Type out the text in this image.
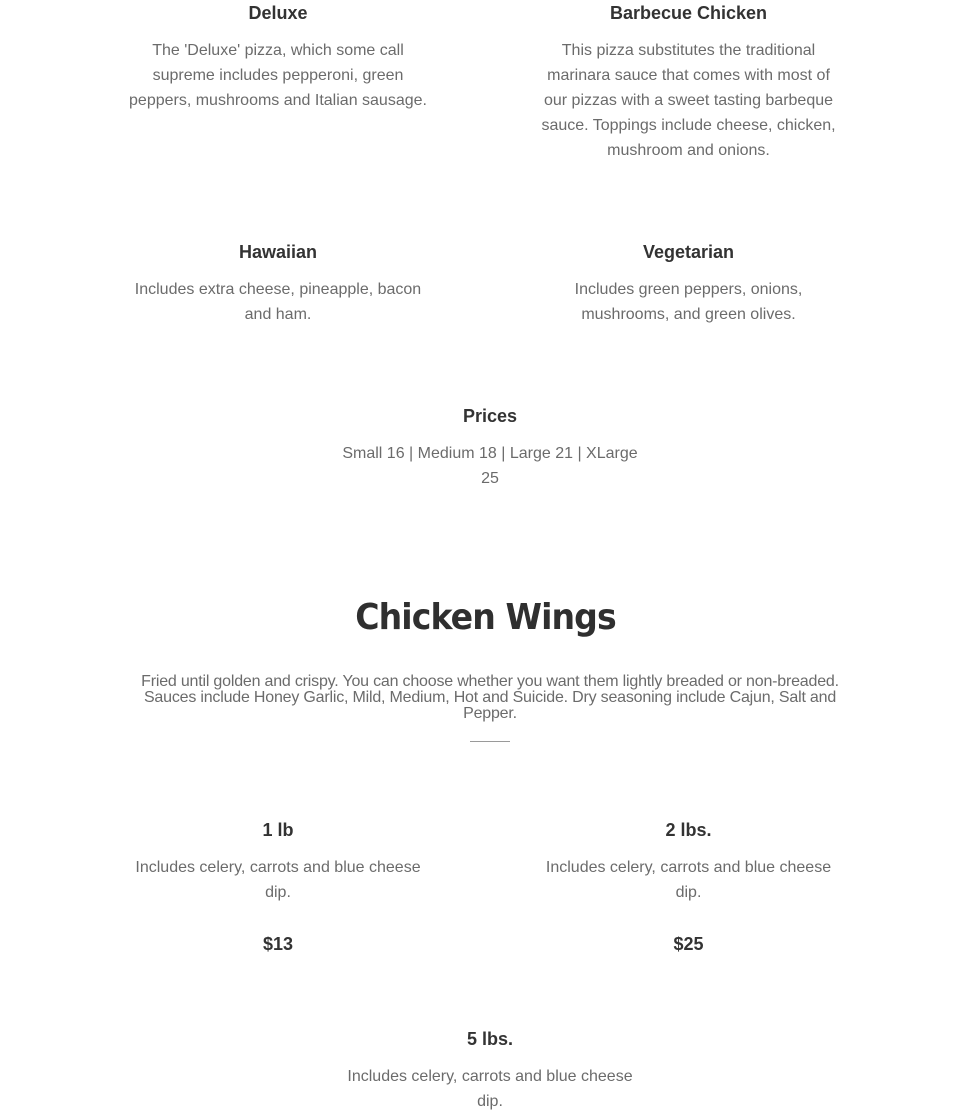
Deluxe

The 'Deluxe' pizza, which some call supreme includes pepperoni, green peppers, mushrooms and Italian sausage.

Barbecue Chicken

This pizza substitutes the traditional marinara sauce that comes with most of our pizzas with a sweet tasting barbeque sauce. Toppings include cheese, chicken, mushroom and onions.

Hawaiian

Includes extra cheese, pineapple, bacon and ham.

Vegetarian

Includes green peppers, onions, mushrooms, and green olives.

Prices

Small 16 | Medium 18 | Large 21 | XLarge 25

Chicken Wings

Fried until golden and crispy. You can choose whether you want them lightly breaded or non-breaded. Sauces include Honey Garlic, Mild, Medium, Hot and Suicide. Dry seasoning include Cajun, Salt and Pepper.

1 lb

Includes celery, carrots and blue cheese dip.

$13
2 lbs.

Includes celery, carrots and blue cheese dip.

$25
5 lbs.

Includes celery, carrots and blue cheese dip.
